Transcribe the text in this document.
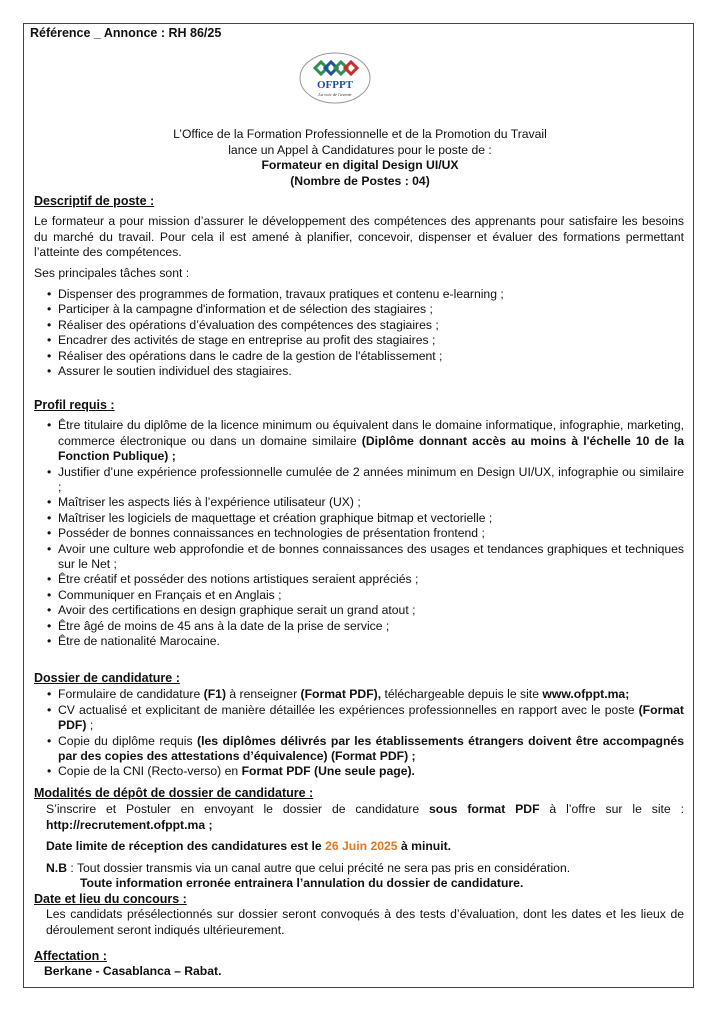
Référence _ Annonce : RH 86/25
OFPPT
La voie de l'avenir
L’Office de la Formation Professionnelle et de la Promotion du Travail
lance un Appel à Candidatures pour le poste de :
Formateur en digital Design UI/UX
(Nombre de Postes : 04)
Descriptif de poste :

Le formateur a pour mission d’assurer le développement des compétences des apprenants pour satisfaire les besoins du marché du travail. Pour cela il est amené à planifier, concevoir, dispenser et évaluer des formations permettant l’atteinte des compétences.

Ses principales tâches sont :

• Dispenser des programmes de formation, travaux pratiques et contenu e-learning ;
• Participer à la campagne d'information et de sélection des stagiaires ;
• Réaliser des opérations d’évaluation des compétences des stagiaires ;
• Encadrer des activités de stage en entreprise au profit des stagiaires ;
• Réaliser des opérations dans le cadre de la gestion de l'établissement ;
• Assurer le soutien individuel des stagiaires.
Profil requis :
• Être titulaire du diplôme de la licence minimum ou équivalent dans le domaine informatique, infographie, marketing, commerce électronique ou dans un domaine similaire (Diplôme donnant accès au moins à l'échelle 10 de la Fonction Publique) ;
• Justifier d’une expérience professionnelle cumulée de 2 années minimum en Design UI/UX, infographie ou similaire ;
• Maîtriser les aspects liés à l’expérience utilisateur (UX) ;
• Maîtriser les logiciels de maquettage et création graphique bitmap et vectorielle ;
• Posséder de bonnes connaissances en technologies de présentation frontend ;
• Avoir une culture web approfondie et de bonnes connaissances des usages et tendances graphiques et techniques sur le Net ;
• Être créatif et posséder des notions artistiques seraient appréciés ;
• Communiquer en Français et en Anglais ;
• Avoir des certifications en design graphique serait un grand atout ;
• Être âgé de moins de 45 ans à la date de la prise de service ;
• Être de nationalité Marocaine.
Dossier de candidature :
• Formulaire de candidature (F1) à renseigner (Format PDF), téléchargeable depuis le site www.ofppt.ma;
• CV actualisé et explicitant de manière détaillée les expériences professionnelles en rapport avec le poste (Format PDF) ;
• Copie du diplôme requis (les diplômes délivrés par les établissements étrangers doivent être accompagnés par des copies des attestations d’équivalence) (Format PDF) ;
• Copie de la CNI (Recto-verso) en Format PDF (Une seule page).
Modalités de dépôt de dossier de candidature :

S’inscrire et Postuler en envoyant le dossier de candidature sous format PDF à l’offre sur le site : http://recrutement.ofppt.ma ;

Date limite de réception des candidatures est le 26 Juin 2025 à minuit.

N.B : Tout dossier transmis via un canal autre que celui précité ne sera pas pris en considération.

Toute information erronée entrainera l’annulation du dossier de candidature.

Date et lieu du concours :

Les candidats présélectionnés sur dossier seront convoqués à des tests d’évaluation, dont les dates et les lieux de déroulement seront indiqués ultérieurement.

Affectation :
Berkane - Casablanca – Rabat.
